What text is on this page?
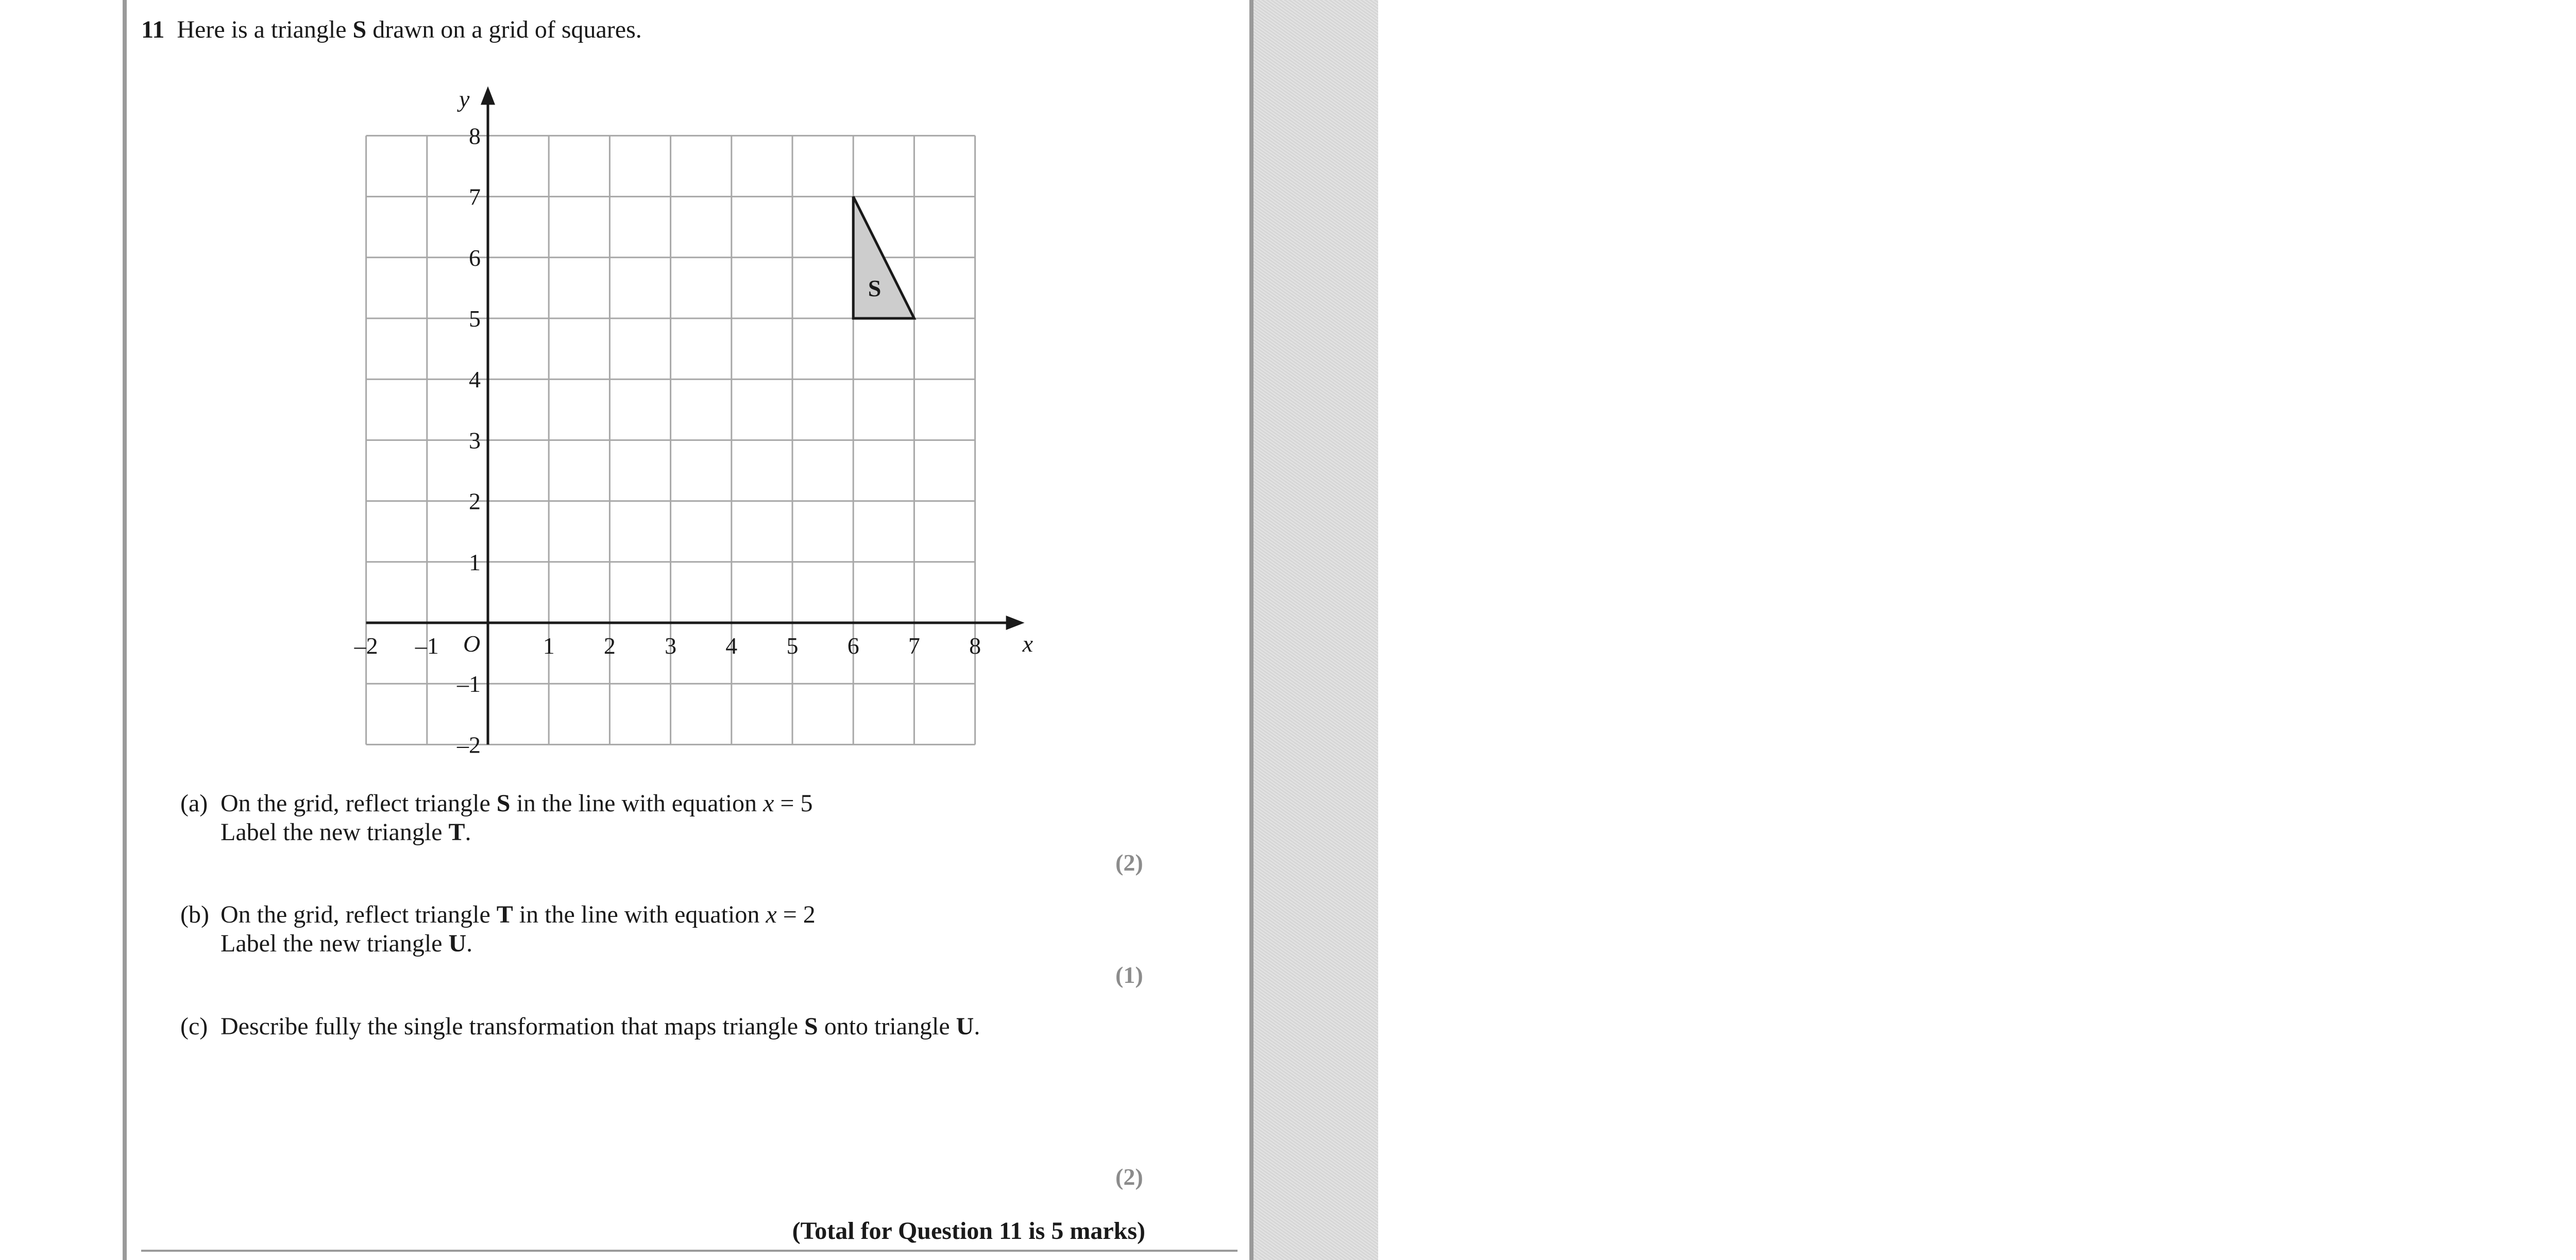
DO NOT WRITE IN THIS AREA
DO NOT WRITE IN THIS AREA
DO NOT W
11 Here is a triangle S drawn on a grid of squares.
S
–2 –1	1 2 3 4 5 6 7 8
8
7
6
5
4
3
2
1
–1
–2
x
y
O
(a) On the grid, reflect triangle S in the line with equation x = 5
Label the new triangle T.
(2)
(b) On the grid, reflect triangle T in the line with equation x = 2
Label the new triangle U.
(1)
(c) Describe fully the single transformation that maps triangle S onto triangle U.
(2)
(Total for Question 11 is 5 marks)
